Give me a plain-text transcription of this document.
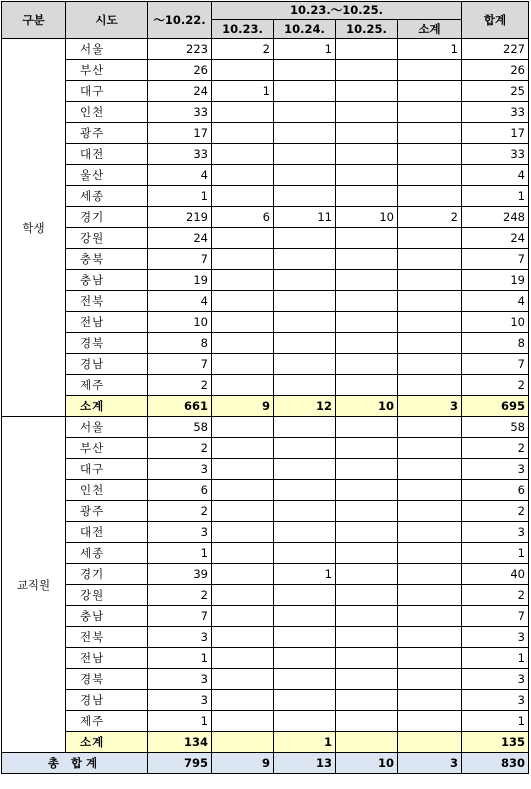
구분	시도	～10.22.	10.23.～10.25.				합계
			10.23.	10.24.	10.25.	소계	
학생	서울	223	2	1		1	227
	부산	26					26
	대구	24	1				25
	인천	33					33
	광주	17					17
	대전	33					33
	울산	4					4
	세종	1					1
	경기	219	6	11	10	2	248
	강원	24					24
	충북	7					7
	충남	19					19
	전북	4					4
	전남	10					10
	경북	8					8
	경남	7					7
	제주	2					2
	소계	661	9	12	10	3	695
교직원	서울	58					58
	부산	2					2
	대구	3					3
	인천	6					6
	광주	2					2
	대전	3					3
	세종	1					1
	경기	39		1			40
	강원	2					2
	충남	7					7
	전북	3					3
	전남	1					1
	경북	3					3
	경남	3					3
	제주	1					1
	소계	134		1			135
총 합계		795	9	13	10	3	830
